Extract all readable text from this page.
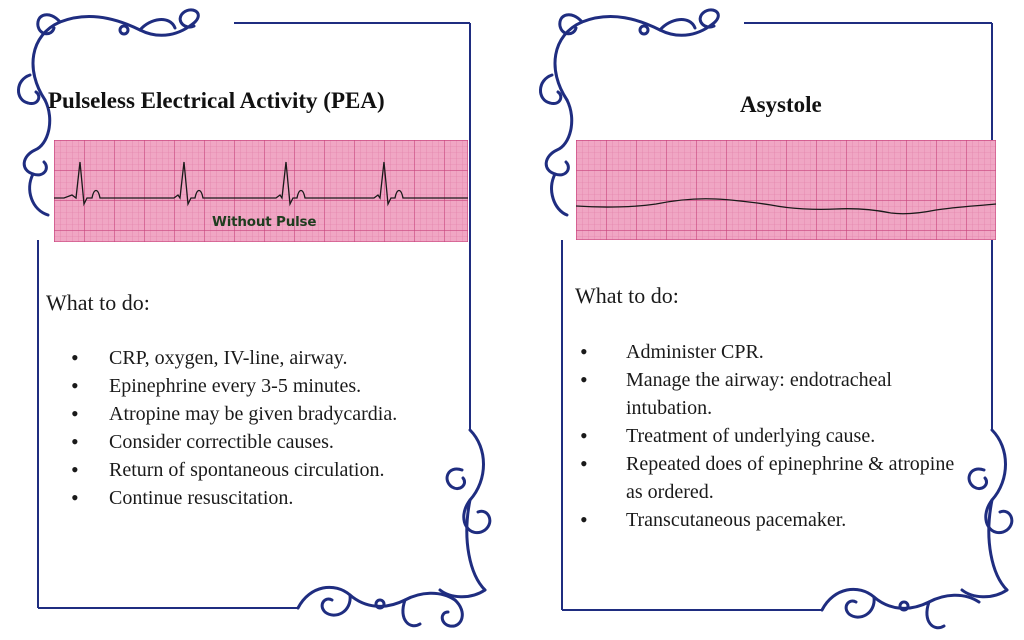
Pulseless Electrical Activity (PEA)
Without Pulse
What to do:
• CRP, oxygen, IV-line, airway.
• Epinephrine every 3-5 minutes.
• Atropine may be given bradycardia.
• Consider correctible causes.
• Return of spontaneous circulation.
• Continue resuscitation.
Asystole
What to do:
• Administer CPR.
• Manage the airway: endotracheal
intubation.
• Treatment of underlying cause.
• Repeated does of epinephrine & atropine
as ordered.
• Transcutaneous pacemaker.
